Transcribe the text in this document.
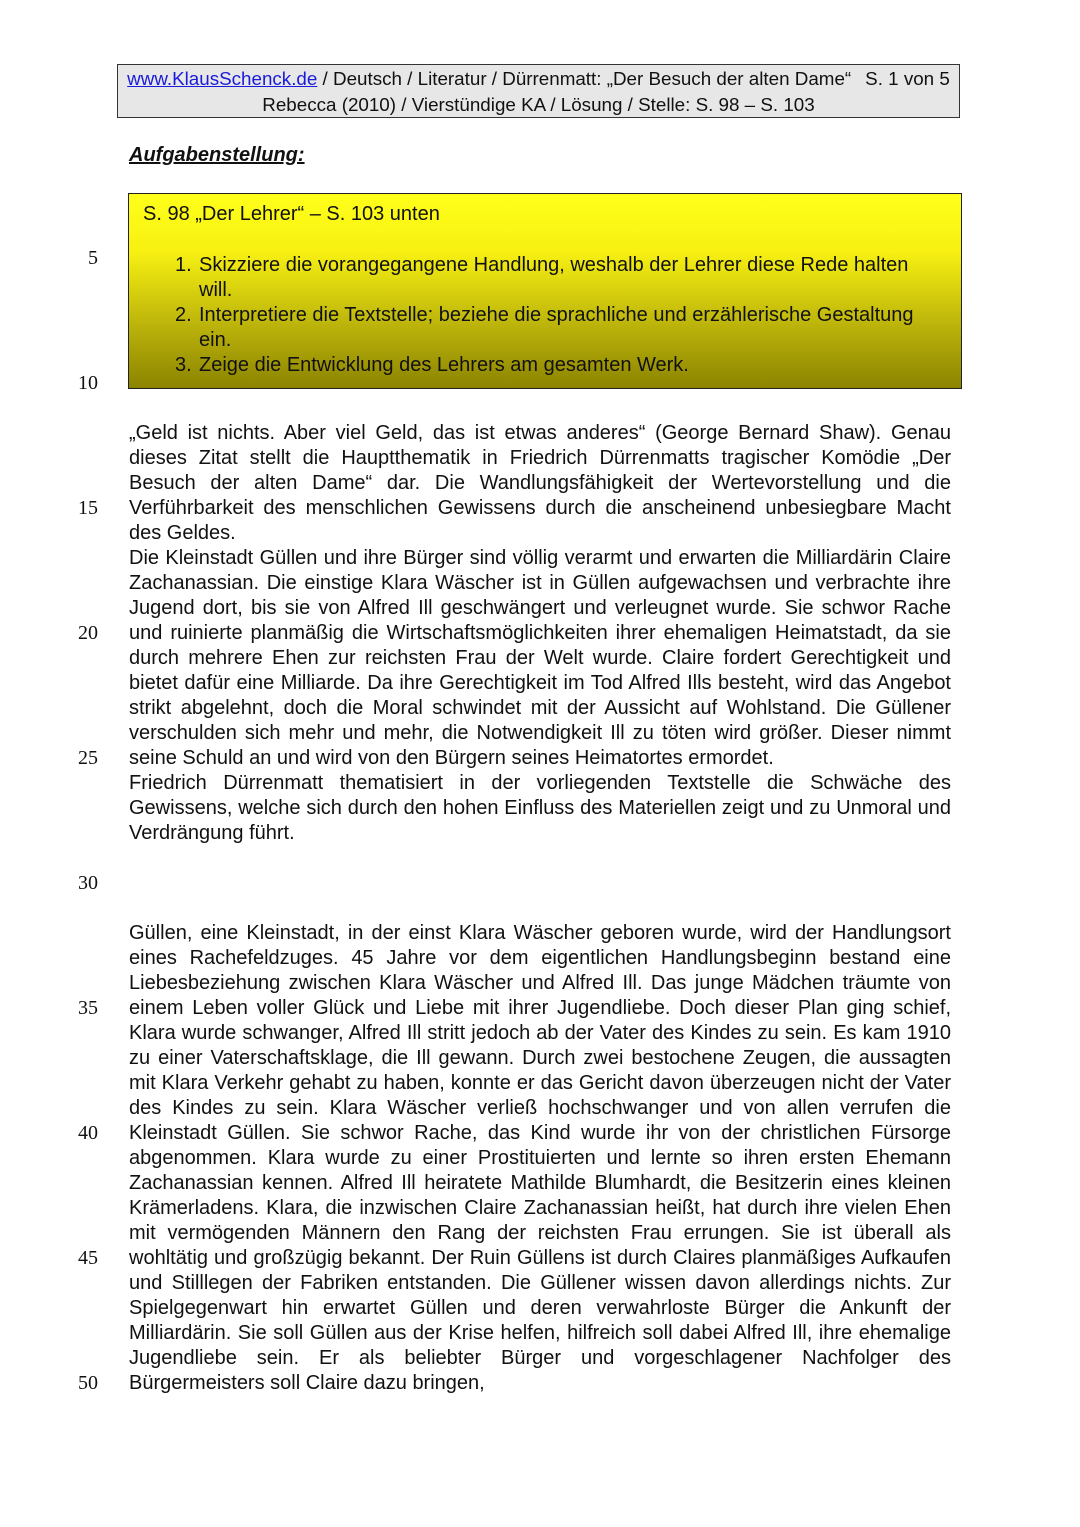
www.KlausSchenck.de / Deutsch / Literatur / Dürrenmatt: „Der Besuch der alten Dame“ S. 1 von 5
Rebecca (2010) / Vierstündige KA / Lösung / Stelle: S. 98 – S. 103
Aufgabenstellung:
S. 98 „Der Lehrer“ – S. 103 unten
1. Skizziere die vorangegangene Handlung, weshalb der Lehrer diese Rede halten will.
2. Interpretiere die Textstelle; beziehe die sprachliche und erzählerische Gestaltung ein.
3. Zeige die Entwicklung des Lehrers am gesamten Werk.
5
10
15
20
25
30
35
40
45
50

„Geld ist nichts. Aber viel Geld, das ist etwas anderes“ (George Bernard Shaw). Genau dieses Zitat stellt die Hauptthematik in Friedrich Dürrenmatts tragischer Komödie „Der Besuch der alten Dame“ dar. Die Wandlungsfähigkeit der Wertevorstellung und die Verführbarkeit des menschlichen Gewissens durch die anscheinend unbesiegbare Macht des Geldes.

Die Kleinstadt Güllen und ihre Bürger sind völlig verarmt und erwarten die Milliardärin Claire Zachanassian. Die einstige Klara Wäscher ist in Güllen aufgewachsen und verbrachte ihre Jugend dort, bis sie von Alfred Ill geschwängert und verleugnet wurde. Sie schwor Rache und ruinierte planmäßig die Wirtschaftsmöglichkeiten ihrer ehemaligen Heimatstadt, da sie durch mehrere Ehen zur reichsten Frau der Welt wurde. Claire fordert Gerechtigkeit und bietet dafür eine Milliarde. Da ihre Gerechtigkeit im Tod Alfred Ills besteht, wird das Angebot strikt abgelehnt, doch die Moral schwindet mit der Aussicht auf Wohlstand. Die Güllener verschulden sich mehr und mehr, die Notwendigkeit Ill zu töten wird größer. Dieser nimmt seine Schuld an und wird von den Bürgern seines Heimatortes ermordet.

Friedrich Dürrenmatt thematisiert in der vorliegenden Textstelle die Schwäche des Gewissens, welche sich durch den hohen Einfluss des Materiellen zeigt und zu Unmoral und Verdrängung führt.

Güllen, eine Kleinstadt, in der einst Klara Wäscher geboren wurde, wird der Handlungsort eines Rachefeldzuges. 45 Jahre vor dem eigentlichen Handlungsbeginn bestand eine Liebesbeziehung zwischen Klara Wäscher und Alfred Ill. Das junge Mädchen träumte von einem Leben voller Glück und Liebe mit ihrer Jugendliebe. Doch dieser Plan ging schief, Klara wurde schwanger, Alfred Ill stritt jedoch ab der Vater des Kindes zu sein. Es kam 1910 zu einer Vaterschaftsklage, die Ill gewann. Durch zwei bestochene Zeugen, die aussagten mit Klara Verkehr gehabt zu haben, konnte er das Gericht davon überzeugen nicht der Vater des Kindes zu sein. Klara Wäscher verließ hochschwanger und von allen verrufen die Kleinstadt Güllen. Sie schwor Rache, das Kind wurde ihr von der christlichen Fürsorge abgenommen. Klara wurde zu einer Prostituierten und lernte so ihren ersten Ehemann Zachanassian kennen. Alfred Ill heiratete Mathilde Blumhardt, die Besitzerin eines kleinen Krämerladens. Klara, die inzwischen Claire Zachanassian heißt, hat durch ihre vielen Ehen mit vermögenden Männern den Rang der reichsten Frau errungen. Sie ist überall als wohltätig und großzügig bekannt. Der Ruin Güllens ist durch Claires planmäßiges Aufkaufen und Stilllegen der Fabriken entstanden. Die Güllener wissen davon allerdings nichts. Zur Spielgegenwart hin erwartet Güllen und deren verwahrloste Bürger die Ankunft der Milliardärin. Sie soll Güllen aus der Krise helfen, hilfreich soll dabei Alfred Ill, ihre ehemalige Jugendliebe sein. Er als beliebter Bürger und vorgeschlagener Nachfolger des Bürgermeisters soll Claire dazu bringen,
